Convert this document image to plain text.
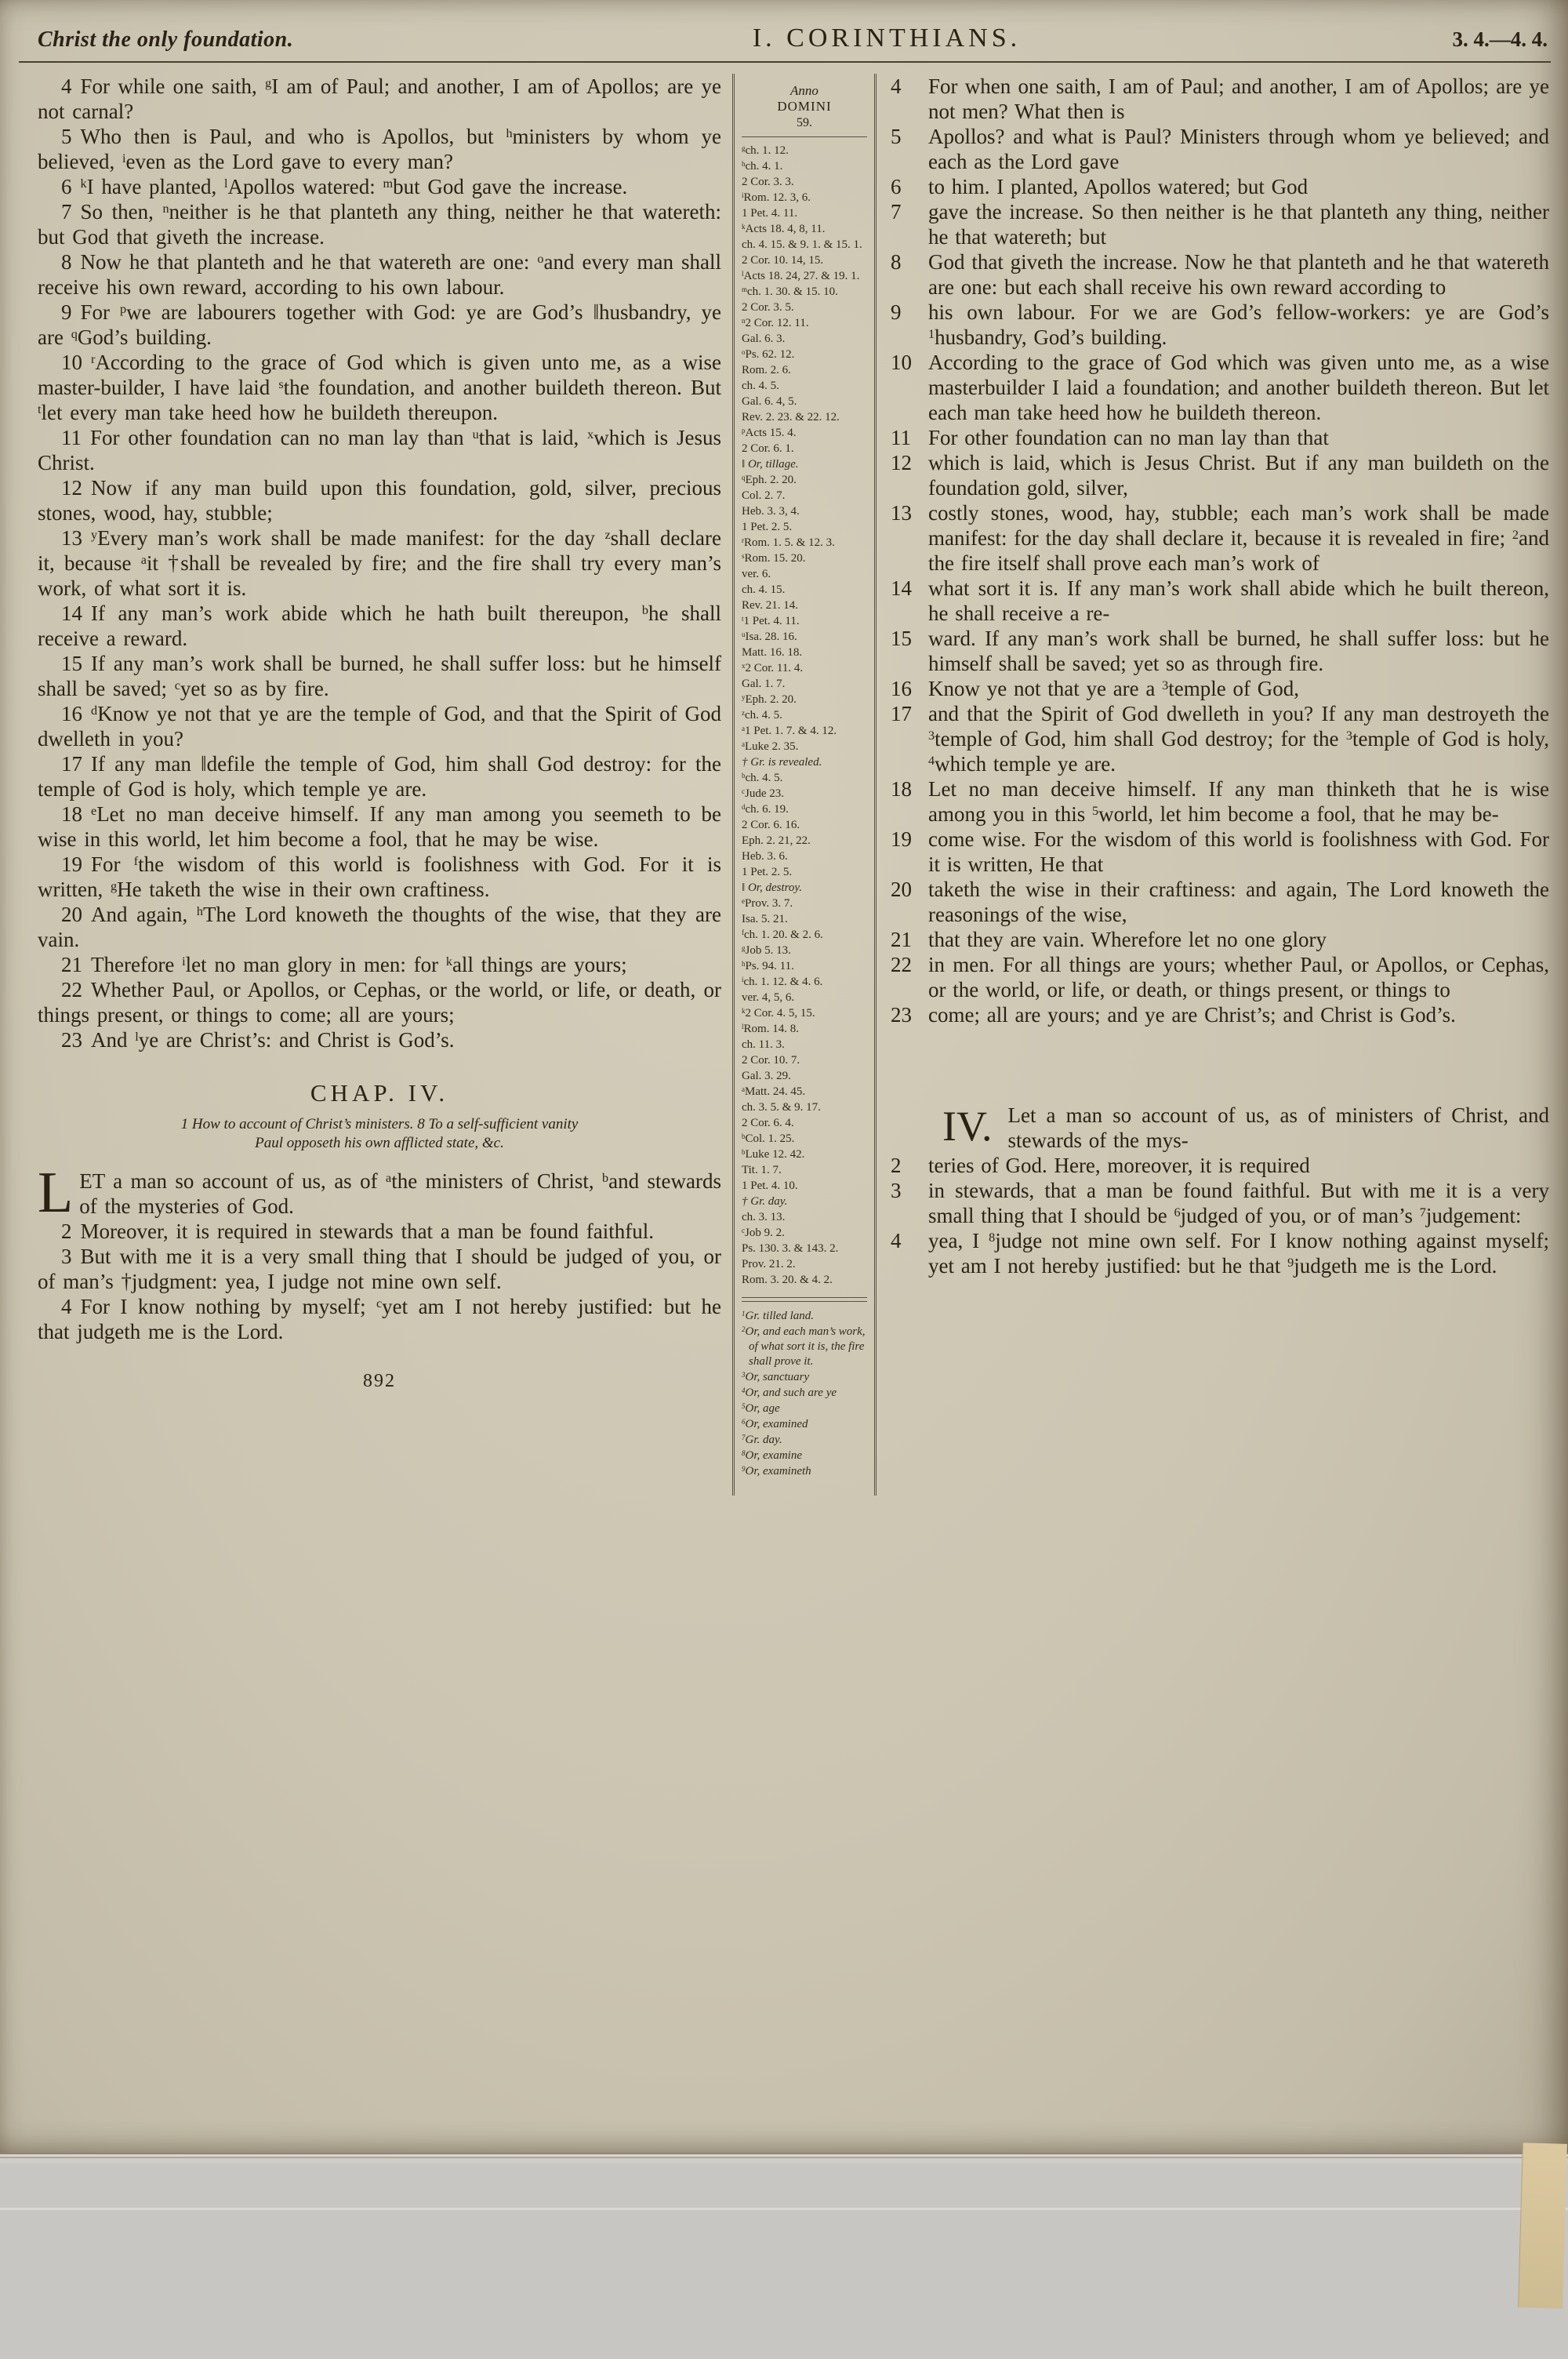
Christ the only foundation.	I. CORINTHIANS.	3. 4.—4. 4.

4 For while one saith, $^g$I am of Paul; and another, I am of Apollos; are ye not carnal?

5 Who then is Paul, and who is Apollos, but $^h$ministers by whom ye believed, $^i$even as the Lord gave to every man?

6 $^k$I have planted, $^l$Apollos watered: $^m$but God gave the increase.

7 So then, $^n$neither is he that planteth any thing, neither he that watereth: but God that giveth the increase.

8 Now he that planteth and he that watereth are one: $^o$and every man shall receive his own reward, according to his own labour.

9 For $^p$we are labourers together with God: ye are God’s ‖husbandry, ye are $^q$God’s building.

10 $^r$According to the grace of God which is given unto me, as a wise master-builder, I have laid $^s$the foundation, and another buildeth thereon. But $^t$let every man take heed how he buildeth thereupon.

11 For other foundation can no man lay than $^u$that is laid, $^x$which is Jesus Christ.

12 Now if any man build upon this foundation, gold, silver, precious stones, wood, hay, stubble;

13 $^y$Every man’s work shall be made manifest: for the day $^z$shall declare it, because $^a$it †shall be revealed by fire; and the fire shall try every man’s work, of what sort it is.

14 If any man’s work abide which he hath built thereupon, $^b$he shall receive a reward.

15 If any man’s work shall be burned, he shall suffer loss: but he himself shall be saved; $^c$yet so as by fire.

16 $^d$Know ye not that ye are the temple of God, and that the Spirit of God dwelleth in you?

17 If any man ‖defile the temple of God, him shall God destroy: for the temple of God is holy, which temple ye are.

18 $^e$Let no man deceive himself. If any man among you seemeth to be wise in this world, let him become a fool, that he may be wise.

19 For $^f$the wisdom of this world is foolishness with God. For it is written, $^g$He taketh the wise in their own craftiness.

20 And again, $^h$The Lord knoweth the thoughts of the wise, that they are vain.

21 Therefore $^i$let no man glory in men: for $^k$all things are yours;

22 Whether Paul, or Apollos, or Cephas, or the world, or life, or death, or things present, or things to come; all are yours;

23 And $^l$ye are Christ’s: and Christ is God’s.

CHAP. IV.
1 How to account of Christ’s ministers. 8 To a self-sufficient vanity
Paul opposeth his own afflicted state, &c.

LET a man so account of us, as of $^a$the ministers of Christ, $^b$and stewards of the mysteries of God.

2 Moreover, it is required in stewards that a man be found faithful.

3 But with me it is a very small thing that I should be judged of you, or of man’s †judgment: yea, I judge not mine own self.

4 For I know nothing by myself; $^c$yet am I not hereby justified: but he that judgeth me is the Lord.

892
Anno
DOMINI
59.
$^g$ch. 1. 12.
$^h$ch. 4. 1.
2 Cor. 3. 3.
$^i$Rom. 12. 3, 6.
1 Pet. 4. 11.
$^k$Acts 18. 4, 8, 11.
ch. 4. 15. & 9. 1. & 15. 1.
2 Cor. 10. 14, 15.
$^l$Acts 18. 24, 27. & 19. 1.
$^m$ch. 1. 30. & 15. 10.
2 Cor. 3. 5.
$^n$2 Cor. 12. 11.
Gal. 6. 3.
$^o$Ps. 62. 12.
Rom. 2. 6.
ch. 4. 5.
Gal. 6. 4, 5.
Rev. 2. 23. & 22. 12.
$^p$Acts 15. 4.
2 Cor. 6. 1.
‖ Or, tillage.
$^q$Eph. 2. 20.
Col. 2. 7.
Heb. 3. 3, 4.
1 Pet. 2. 5.
$^r$Rom. 1. 5. & 12. 3.
$^s$Rom. 15. 20.
ver. 6.
ch. 4. 15.
Rev. 21. 14.
$^t$1 Pet. 4. 11.
$^u$Isa. 28. 16.
Matt. 16. 18.
$^x$2 Cor. 11. 4.
Gal. 1. 7.
$^y$Eph. 2. 20.
$^z$ch. 4. 5.
$^a$1 Pet. 1. 7. & 4. 12.
$^a$Luke 2. 35.
† Gr. is revealed.
$^b$ch. 4. 5.
$^c$Jude 23.
$^d$ch. 6. 19.
2 Cor. 6. 16.
Eph. 2. 21, 22.
Heb. 3. 6.
1 Pet. 2. 5.
‖ Or, destroy.
$^e$Prov. 3. 7.
Isa. 5. 21.
$^f$ch. 1. 20. & 2. 6.
$^g$Job 5. 13.
$^h$Ps. 94. 11.
$^i$ch. 1. 12. & 4. 6.
ver. 4, 5, 6.
$^k$2 Cor. 4. 5, 15.
$^l$Rom. 14. 8.
ch. 11. 3.
2 Cor. 10. 7.
Gal. 3. 29.
$^a$Matt. 24. 45.
ch. 3. 5. & 9. 17.
2 Cor. 6. 4.
$^b$Col. 1. 25.
$^b$Luke 12. 42.
Tit. 1. 7.
1 Pet. 4. 10.
† Gr. day.
ch. 3. 13.
$^c$Job 9. 2.
Ps. 130. 3. & 143. 2.
Prov. 21. 2.
Rom. 3. 20. & 4. 2.
$^1$Gr. tilled land.
$^2$Or, and each man’s work, of what sort it is, the fire shall prove it.
$^3$Or, sanctuary
$^4$Or, and such are ye
$^5$Or, age
$^6$Or, examined
$^7$Gr. day.
$^8$Or, examine
$^9$Or, examineth
4	For when one saith, I am of Paul; and another, I am of Apollos; are ye not men? What then is
5	Apollos? and what is Paul? Ministers through whom ye believed; and each as the Lord gave
6	to him. I planted, Apollos watered; but God
7	gave the increase. So then neither is he that planteth any thing, neither he that watereth; but
8	God that giveth the increase. Now he that planteth and he that watereth are one: but each shall receive his own reward according to
9	his own labour. For we are God’s fellow-workers: ye are God’s $^1$husbandry, God’s building.
10 According to the grace of God which was given unto me, as a wise masterbuilder I laid a foundation; and another buildeth thereon. But let each man take heed how he buildeth thereon.
11 For other foundation can no man lay than that
12 which is laid, which is Jesus Christ. But if any man buildeth on the foundation gold, silver,
13 costly stones, wood, hay, stubble; each man’s work shall be made manifest: for the day shall declare it, because it is revealed in fire; $^2$and the fire itself shall prove each man’s work of
14 what sort it is. If any man’s work shall abide which he built thereon, he shall receive a re-
15 ward. If any man’s work shall be burned, he shall suffer loss: but he himself shall be saved; yet so as through fire.
16 Know ye not that ye are a $^3$temple of God,
17 and that the Spirit of God dwelleth in you? If any man destroyeth the $^3$temple of God, him shall God destroy; for the $^3$temple of God is holy, $^4$which temple ye are.
18 Let no man deceive himself. If any man thinketh that he is wise among you in this $^5$world, let him become a fool, that he may be-
19 come wise. For the wisdom of this world is foolishness with God. For it is written, He that
20 taketh the wise in their craftiness: and again, The Lord knoweth the reasonings of the wise,
21 that they are vain. Wherefore let no one glory
22 in men. For all things are yours; whether Paul, or Apollos, or Cephas, or the world, or life, or death, or things present, or things to
23 come; all are yours; and ye are Christ’s; and Christ is God’s.
IV. Let a man so account of us, as of ministers of Christ, and stewards of the mys-
2	teries of God. Here, moreover, it is required
3	in stewards, that a man be found faithful. But with me it is a very small thing that I should be $^6$judged of you, or of man’s $^7$judgement:
4	yea, I $^8$judge not mine own self. For I know nothing against myself; yet am I not hereby justified: but he that $^9$judgeth me is the Lord.
